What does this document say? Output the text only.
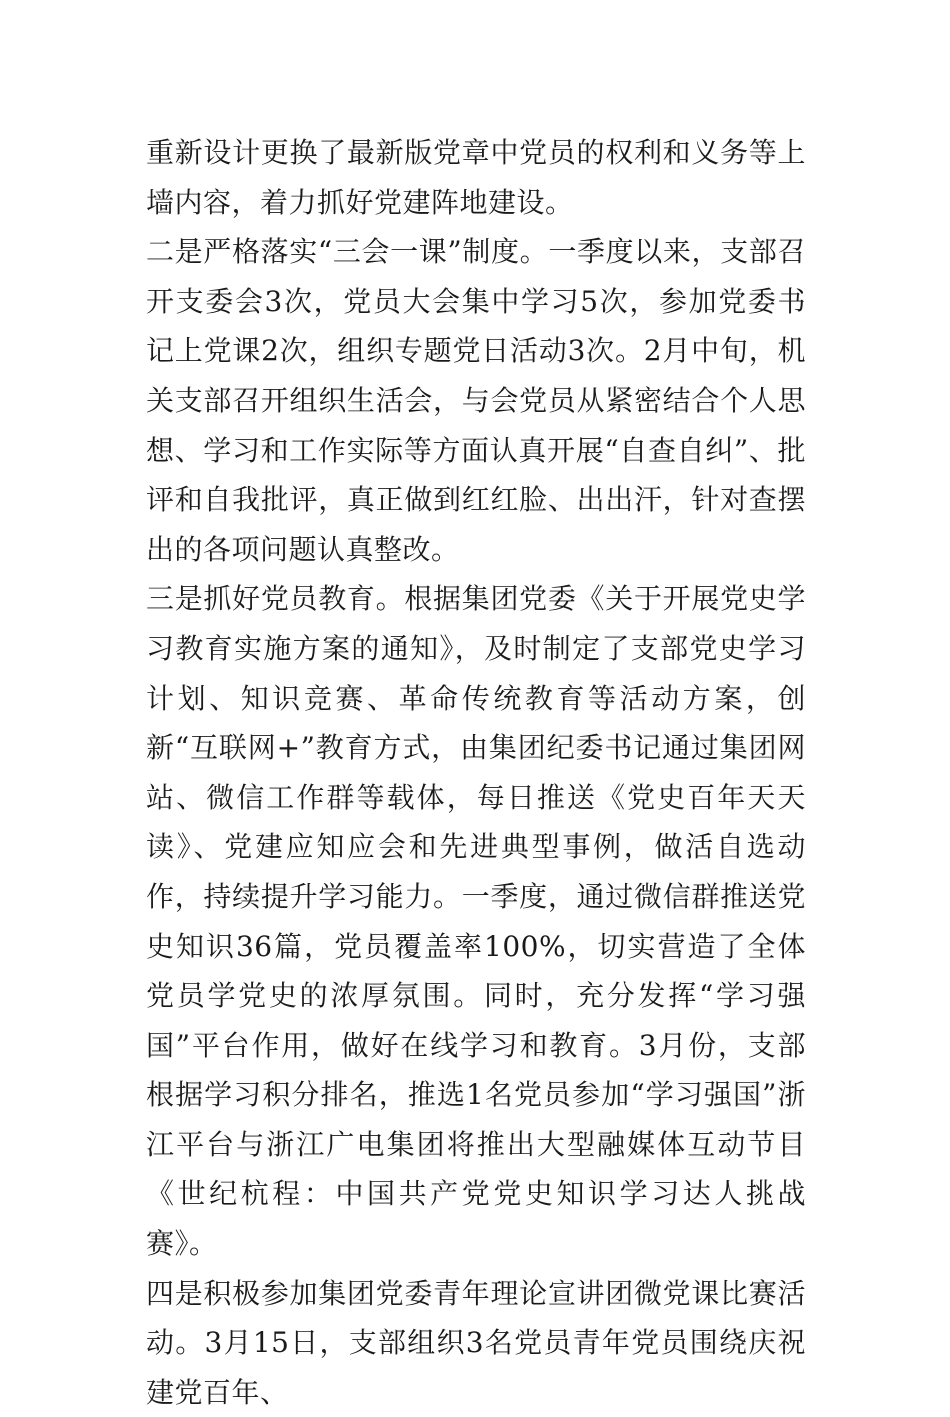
重新设计更换了最新版党章中党员的权利和义务等上墙内容，着力抓好党建阵地建设。

二是严格落实“三会一课”制度。一季度以来，支部召开支委会3次，党员大会集中学习5次，参加党委书记上党课2次，组织专题党日活动3次。2月中旬，机关支部召开组织生活会，与会党员从紧密结合个人思想、学习和工作实际等方面认真开展“自查自纠”、批评和自我批评，真正做到红红脸、出出汗，针对查摆出的各项问题认真整改。

三是抓好党员教育。根据集团党委《关于开展党史学习教育实施方案的通知》，及时制定了支部党史学习计划、知识竞赛、革命传统教育等活动方案，创新“互联网+”教育方式，由集团纪委书记通过集团网站、微信工作群等载体，每日推送《党史百年天天读》、党建应知应会和先进典型事例，做活自选动作，持续提升学习能力。一季度，通过微信群推送党史知识36篇，党员覆盖率100%，切实营造了全体党员学党史的浓厚氛围。同时，充分发挥“学习强国”平台作用，做好在线学习和教育。3月份，支部根据学习积分排名，推选1名党员参加“学习强国”浙江平台与浙江广电集团将推出大型融媒体互动节目《世纪杭程：中国共产党党史知识学习达人挑战赛》。

四是积极参加集团党委青年理论宣讲团微党课比赛活动。3月15日，支部组织3名党员青年党员围绕庆祝建党百年、
